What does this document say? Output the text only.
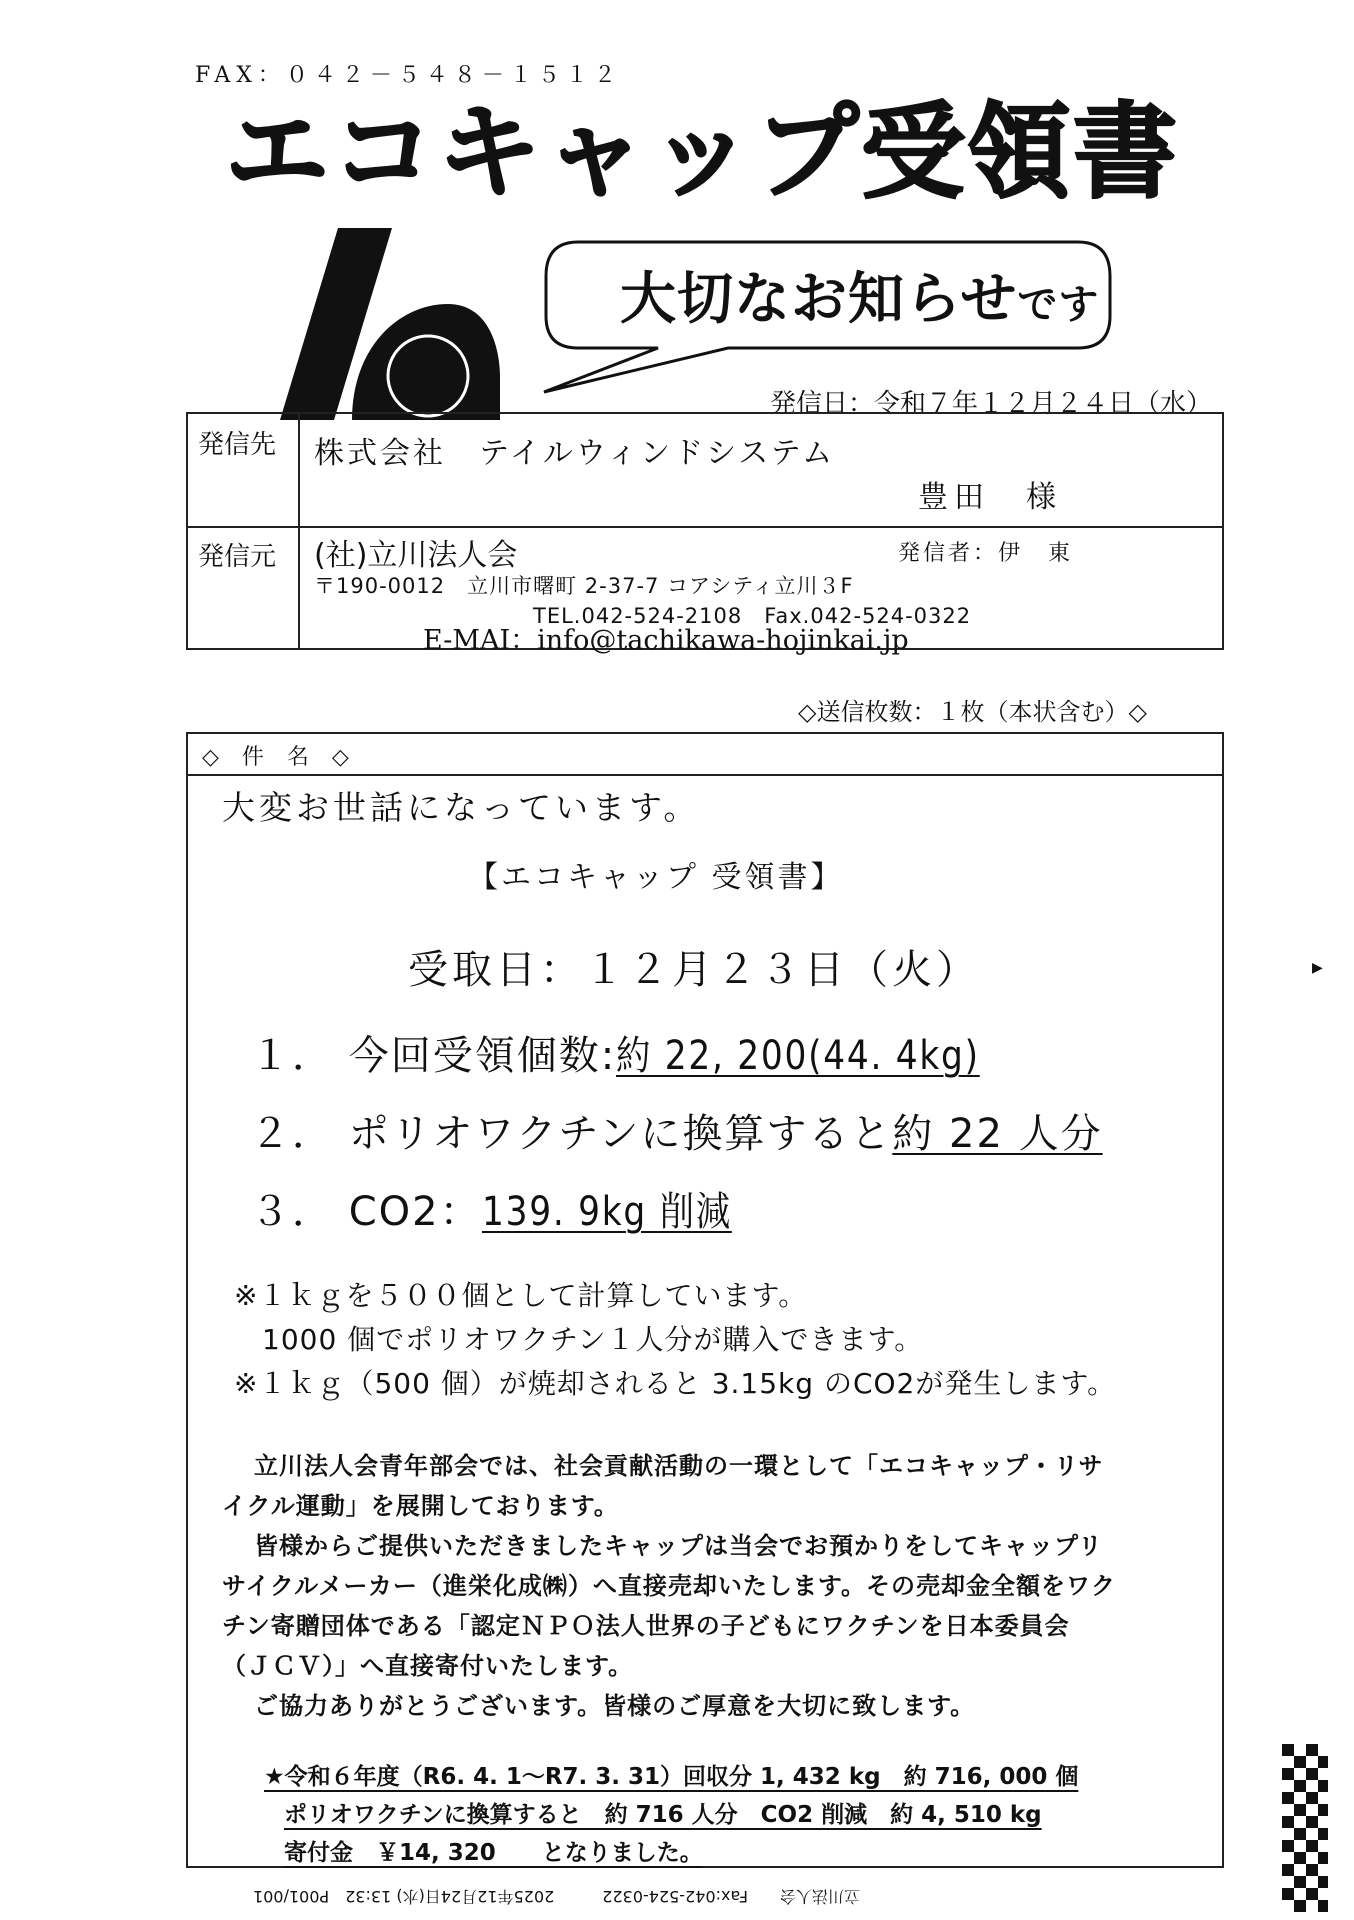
FAX：０４２－５４８－１５１２
エコキャップ受領書
大切なお知らせです
発信日：令和７年１２月２４日（水）
発信先 株式会社　テイルウィンドシステム
豊田　様
発信元 (社)立川法人会	発信者：伊　東
〒190-0012　立川市曙町 2-37-7 コアシティ立川３F
TEL.042-524-2108　Fax.042-524-0322
E-MAI：info@tachikawa-hojinkai.jp
◇送信枚数：１枚（本状含む）◇
◇ 件 名 ◇
大変お世話になっています。
【エコキャップ 受領書】
受取日：１２月２３日（火）
１． 今回受領個数:約 22, 200(44. 4kg)
２． ポリオワクチンに換算すると約 22 人分
３． CO2：139. 9kg 削減
※１ｋｇを５００個として計算しています。
1000 個でポリオワクチン１人分が購入できます。
※１ｋｇ（500 個）が焼却されると 3.15kg のCO2が発生します。
立川法人会青年部会では、社会貢献活動の一環として「エコキャップ・リサ
イクル運動」を展開しております。
皆様からご提供いただきましたキャップは当会でお預かりをしてキャップリ
サイクルメーカー（進栄化成㈱）へ直接売却いたします。その売却金全額をワク
チン寄贈団体である「認定ＮＰＯ法人世界の子どもにワクチンを日本委員会
（ＪＣＶ）」へ直接寄付いたします。
ご協力ありがとうございます。皆様のご厚意を大切に致します。
★令和６年度（R6. 4. 1～R7. 3. 31）回収分 1, 432 kg　約 716, 000 個
ポリオワクチンに換算すると　約 716 人分　CO2 削減　約 4, 510 kg
寄付金　￥14, 320　　となりました。
▶
立川法人会　　Fax:042-524-0322　　　2025年12月24日(水) 13:32　P001/001
